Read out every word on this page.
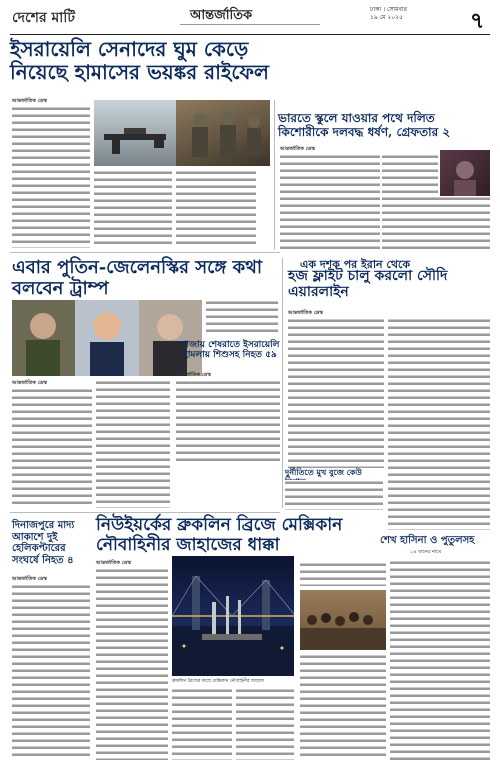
দেশের মাটি	আন্তর্জাতিক	ঢাকা । সোমবার
১৯ মে ২০২৫	৭
ইসরায়েলি সেনাদের ঘুম কেড়ে নিয়েছে হামাসের ভয়ঙ্কর রাইফেল
আন্তর্জাতিক ডেস্ক
ভারতে স্কুলে যাওয়ার পথে দলিত কিশোরীকে দলবদ্ধ ধর্ষণ, গ্রেফতার ২
আন্তর্জাতিক ডেস্ক
এবার পুতিন-জেলেনস্কির সঙ্গে কথা বলবেন ট্রাম্প
আন্তর্জাতিক ডেস্ক
গাজায় শেষরাতে ইসরায়েলি হামলায় শিশুসহ নিহত ৫৯
আন্তর্জাতিক ডেস্ক
এক দশক পর ইরান থেকে
হজ ফ্লাইট চালু করলো সৌদি এয়ারলাইন
আন্তর্জাতিক ডেস্ক
দুর্নীতিতে মুখ বুজে কেউ
দিনাজপুরে মাদ্য আকাশে দুই হেলিকপ্টারের সংঘর্ষে নিহত ৪
আন্তর্জাতিক ডেস্ক
নিউইয়র্কের ব্রুকলিন ব্রিজে মেক্সিকান নৌবাহিনীর জাহাজের ধাক্কা
আন্তর্জাতিক ডেস্ক
ব্রুকলিন ব্রিজের কাছে মেক্সিকান নৌবাহিনীর জাহাজ
শেখ হাসিনা ও পুতুলসহ
১৪ জনের নামে
